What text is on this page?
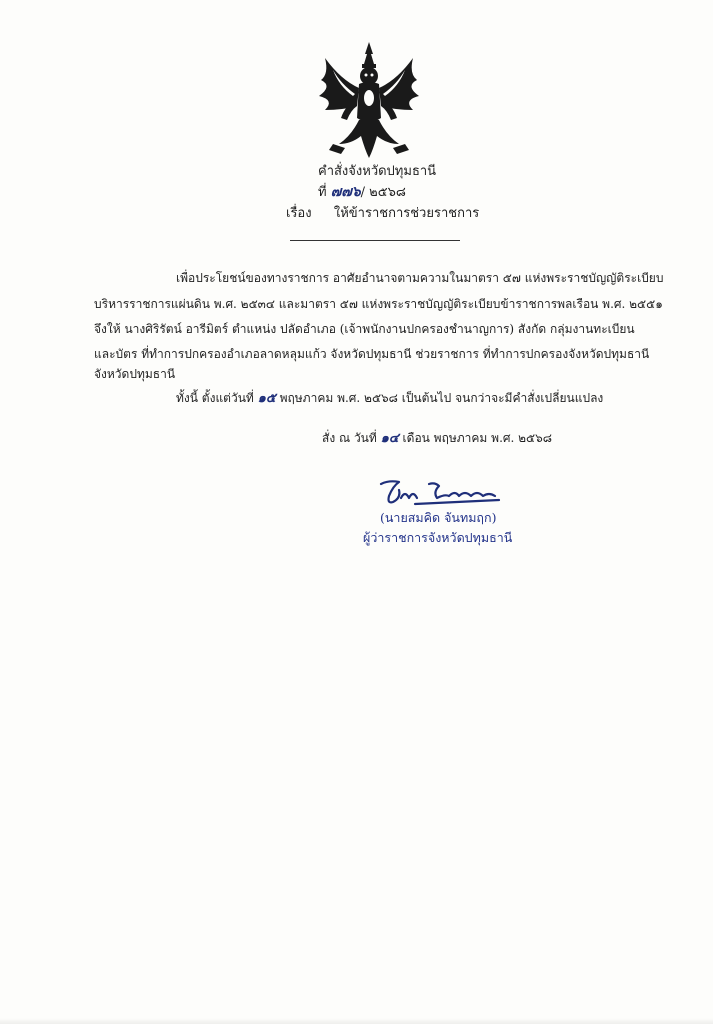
คำสั่งจังหวัดปทุมธานี
ที่ ๗๗๖/ ๒๕๖๘
เรื่อง ให้ข้าราชการช่วยราชการ
เพื่อประโยชน์ของทางราชการ อาศัยอำนาจตามความในมาตรา ๕๗ แห่งพระราชบัญญัติระเบียบ
บริหารราชการแผ่นดิน พ.ศ. ๒๕๓๔ และมาตรา ๕๗ แห่งพระราชบัญญัติระเบียบข้าราชการพลเรือน พ.ศ. ๒๕๕๑
จึงให้ นางศิริรัตน์ อารีมิตร์ ตำแหน่ง ปลัดอำเภอ (เจ้าพนักงานปกครองชำนาญการ) สังกัด กลุ่มงานทะเบียน
และบัตร ที่ทำการปกครองอำเภอลาดหลุมแก้ว จังหวัดปทุมธานี ช่วยราชการ ที่ทำการปกครองจังหวัดปทุมธานี
จังหวัดปทุมธานี
ทั้งนี้ ตั้งแต่วันที่ ๑๕ พฤษภาคม พ.ศ. ๒๕๖๘ เป็นต้นไป จนกว่าจะมีคำสั่งเปลี่ยนแปลง
สั่ง ณ วันที่ ๑๔ เดือน พฤษภาคม พ.ศ. ๒๕๖๘
(นายสมคิด จันทมฤก)
ผู้ว่าราชการจังหวัดปทุมธานี
